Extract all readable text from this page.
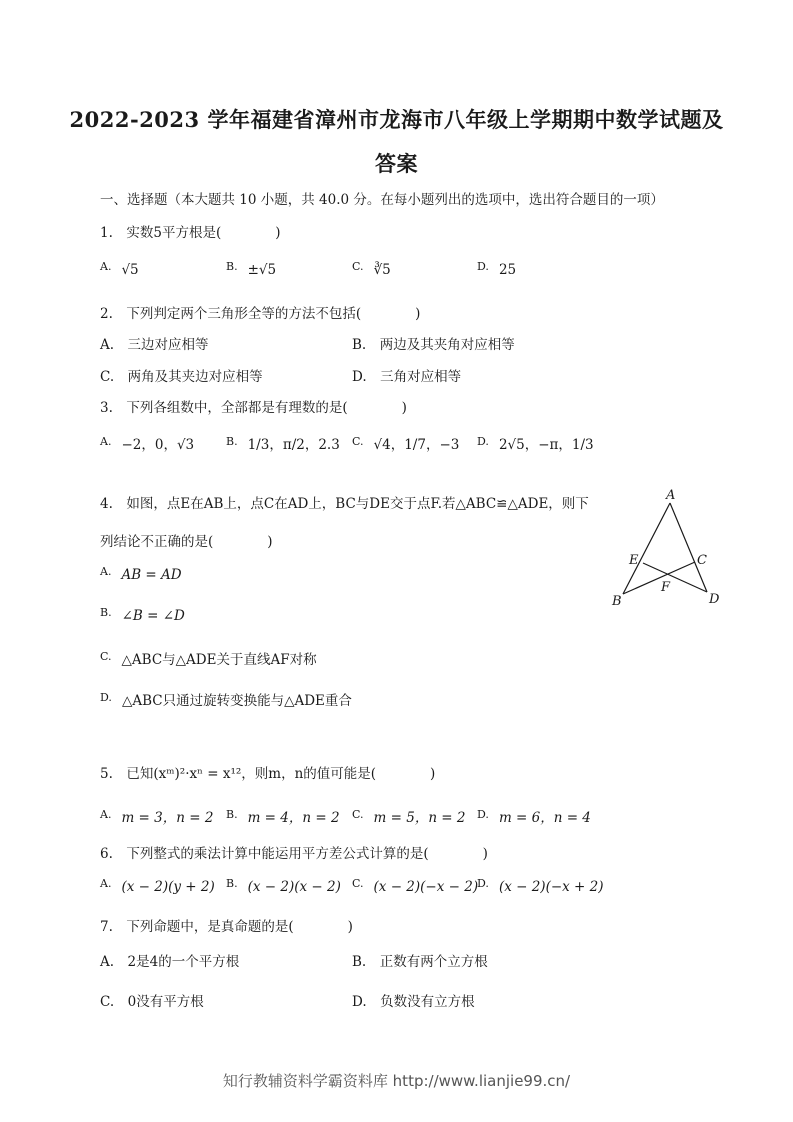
2022-2023 学年福建省漳州市龙海市八年级上学期期中数学试题及
答案
一、选择题（本大题共 10 小题，共 40.0 分。在每小题列出的选项中，选出符合题目的一项）
1.　实数5平方根是(　　　　)
$^{A.}$ √5	$^{B.}$ ±√5	$^{C.}$ ∛5	$^{D.}$ 25
2.　下列判定两个三角形全等的方法不包括(　　　　)
A.　三边对应相等	B.　两边及其夹角对应相等
C.　两角及其夹边对应相等	D.　三角对应相等
3.　下列各组数中，全部都是有理数的是(　　　　)
$^{A.}$ −2，0，√3	$^{B.}$ 1/3，π/2，2.3 $^{C.}$ √4，1/7，−3 $^{D.}$ 2√5，−π，1/3
4.　如图，点E在AB上，点C在AD上，BC与DE交于点F.若△ABC≌△ADE，则下
列结论不正确的是(　　　　)
$^{A.}$ AB = AD
$^{B.}$ ∠B = ∠D
$^{C.}$ △ABC与△ADE关于直线AF对称
$^{D.}$ △ABC只通过旋转变换能与△ADE重合
A
E	C
F
B	D
5.　已知(xᵐ)²·xⁿ = x¹²，则m，n的值可能是(　　　　)
$^{A.}$ m = 3，n = 2 $^{B.}$ m = 4，n = 2 $^{C.}$ m = 5，n = 2 $^{D.}$ m = 6，n = 4
6.　下列整式的乘法计算中能运用平方差公式计算的是(　　　　)
$^{A.}$ (x − 2)(y + 2) $^{B.}$ (x − 2)(x − 2) $^{C.}$ (x − 2)(−x − 2)
$^{D.}$ (x − 2)(−x + 2)
7.　下列命题中，是真命题的是(　　　　)
A.　2是4的一个平方根	B.　正数有两个立方根
C.　0没有平方根	D.　负数没有立方根
知行教辅资料学霸资料库 http://www.lianjie99.cn/
